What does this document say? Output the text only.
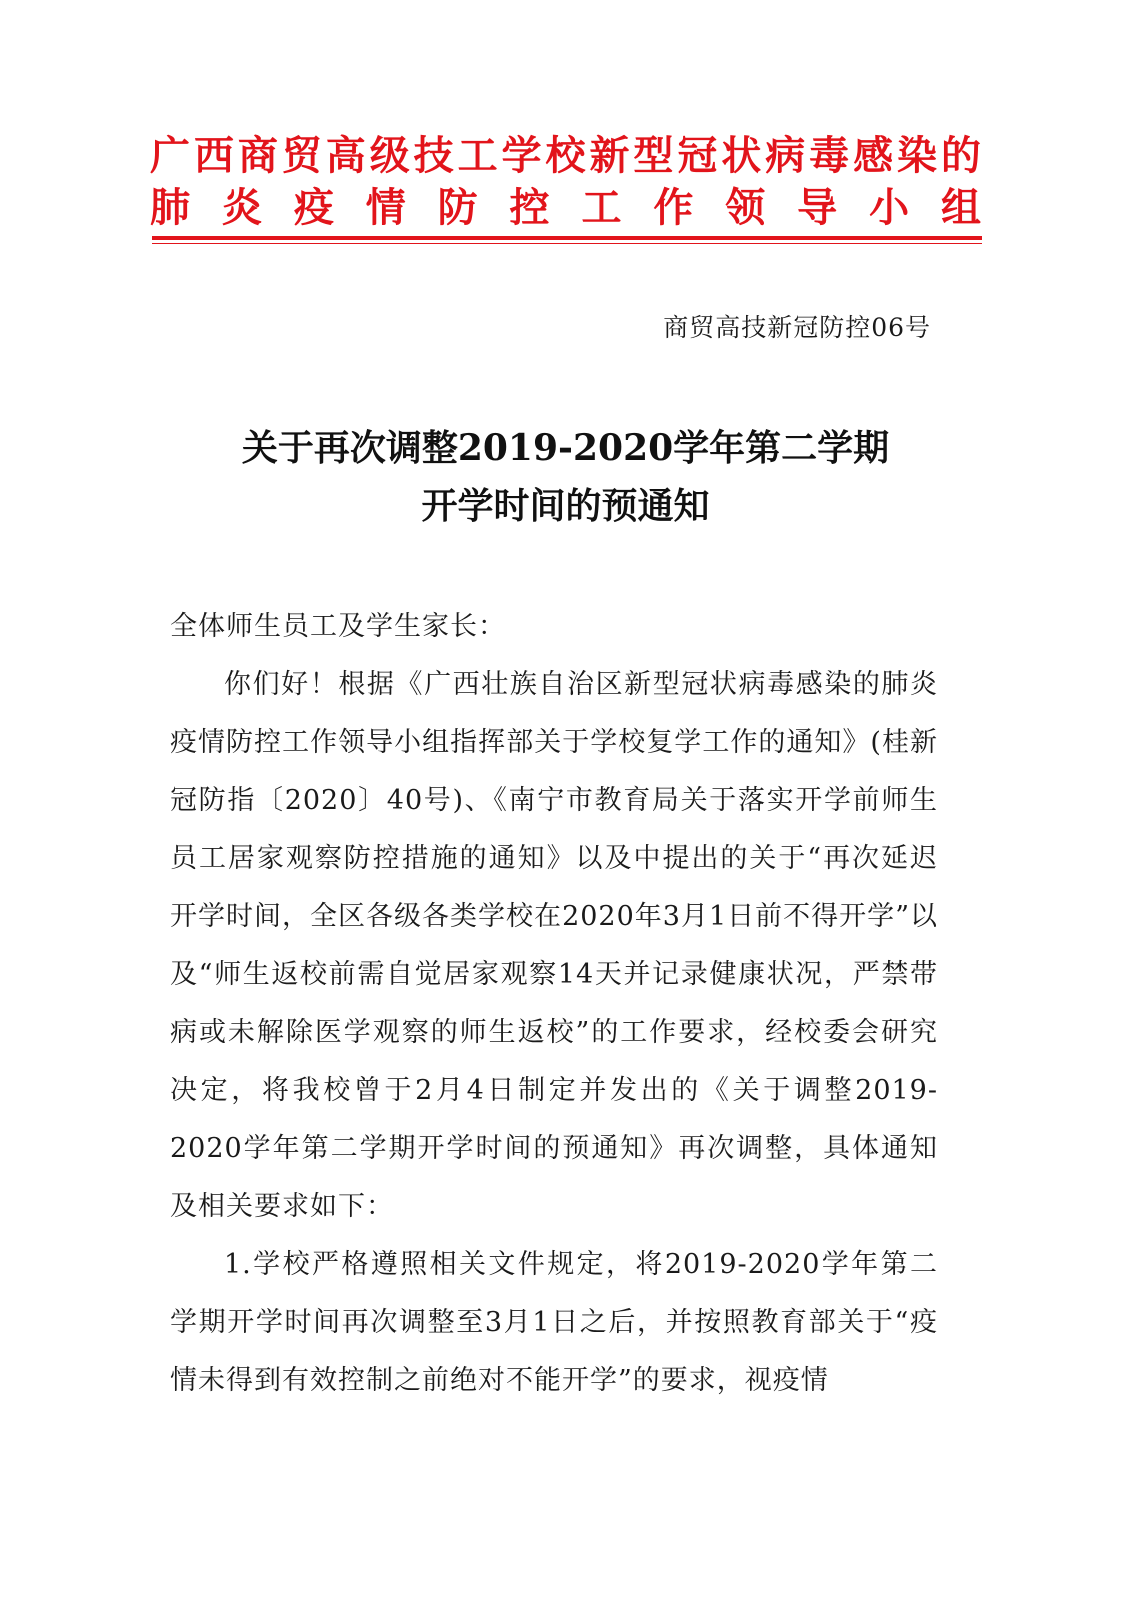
广西商贸高级技工学校新型冠状病毒感染的
肺炎疫情防控工作领导小组
商贸高技新冠防控06号
关于再次调整2019-2020学年第二学期
开学时间的预通知

全体师生员工及学生家长：

你们好！根据《广西壮族自治区新型冠状病毒感染的肺炎疫情防控工作领导小组指挥部关于学校复学工作的通知》(桂新冠防指〔2020〕40号)、《南宁市教育局关于落实开学前师生员工居家观察防控措施的通知》以及中提出的关于“再次延迟开学时间，全区各级各类学校在2020年3月1日前不得开学”以及“师生返校前需自觉居家观察14天并记录健康状况，严禁带病或未解除医学观察的师生返校”的工作要求，经校委会研究决定，将我校曾于2月4日制定并发出的《关于调整2019-2020学年第二学期开学时间的预通知》再次调整，具体通知及相关要求如下：

1.学校严格遵照相关文件规定，将2019-2020学年第二学期开学时间再次调整至3月1日之后，并按照教育部关于“疫情未得到有效控制之前绝对不能开学”的要求，视疫情
